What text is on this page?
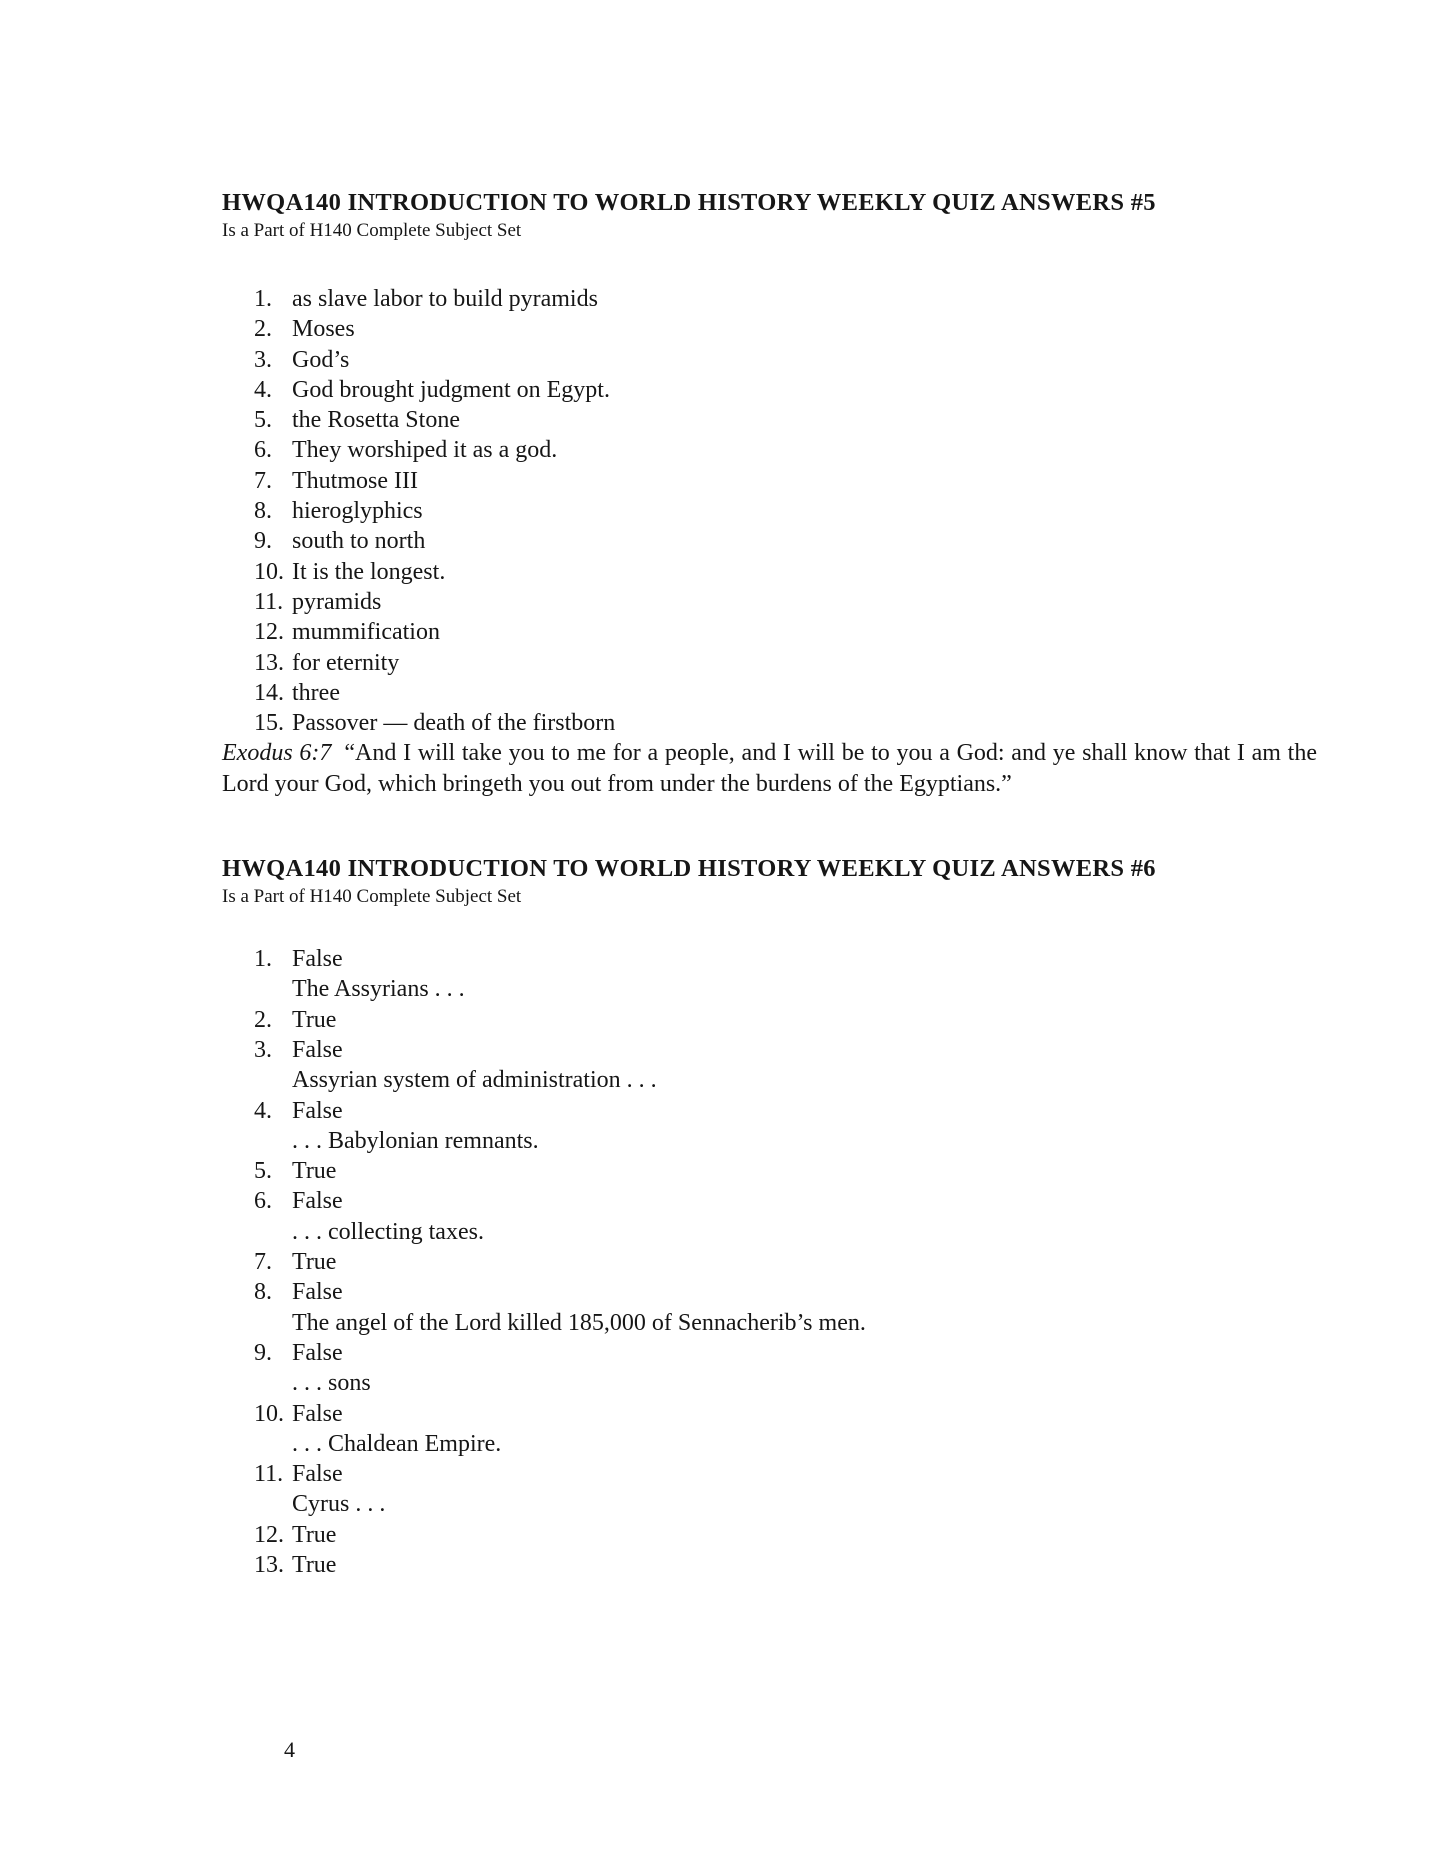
HWQA140 INTRODUCTION TO WORLD HISTORY WEEKLY QUIZ ANSWERS #5
Is a Part of H140 Complete Subject Set
1. as slave labor to build pyramids
2. Moses
3. God’s
4. God brought judgment on Egypt.
5. the Rosetta Stone
6. They worshiped it as a god.
7. Thutmose III
8. hieroglyphics
9. south to north
10. It is the longest.
11. pyramids
12. mummification
13. for eternity
14. three
15. Passover — death of the firstborn

Exodus 6:7 “And I will take you to me for a people, and I will be to you a God: and ye shall know that I am the Lord your God, which bringeth you out from under the burdens of the Egyptians.”

HWQA140 INTRODUCTION TO WORLD HISTORY WEEKLY QUIZ ANSWERS #6
Is a Part of H140 Complete Subject Set
1. False
The Assyrians . . .
2. True
3. False
Assyrian system of administration . . .
4. False
. . . Babylonian remnants.
5. True
6. False
. . . collecting taxes.
7. True
8. False
The angel of the Lord killed 185,000 of Sennacherib’s men.
9. False
. . . sons
10. False
. . . Chaldean Empire.
11. False
Cyrus . . .
12. True
13. True
4
